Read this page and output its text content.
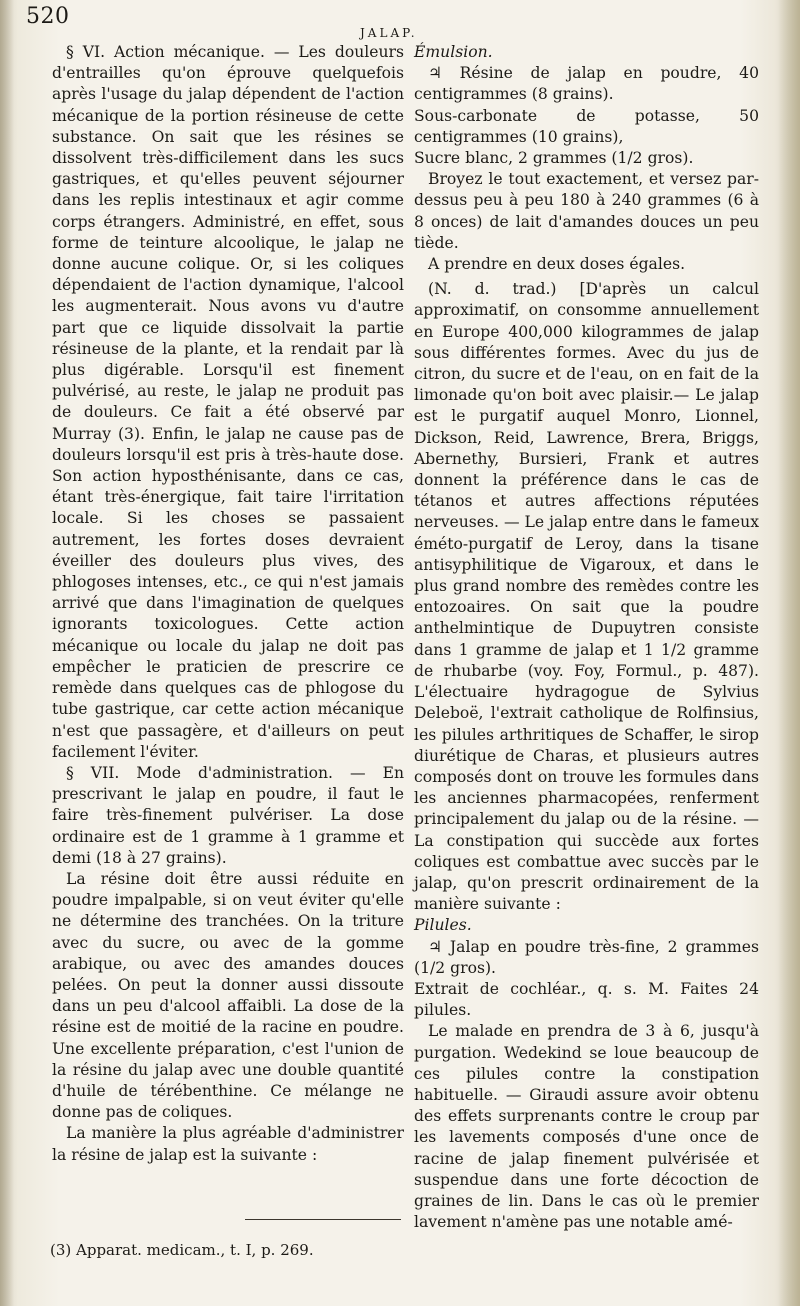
520
JALAP.

§ VI. Action mécanique. — Les douleurs d'entrailles qu'on éprouve quelquefois après l'usage du jalap dépendent de l'action mécanique de la portion résineuse de cette substance. On sait que les résines se dissolvent très-difficilement dans les sucs gastriques, et qu'elles peuvent séjourner dans les replis intestinaux et agir comme corps étrangers. Administré, en effet, sous forme de teinture alcoolique, le jalap ne donne aucune colique. Or, si les coliques dépendaient de l'action dynamique, l'alcool les augmenterait. Nous avons vu d'autre part que ce liquide dissolvait la partie résineuse de la plante, et la rendait par là plus digérable. Lorsqu'il est finement pulvérisé, au reste, le jalap ne produit pas de douleurs. Ce fait a été observé par Murray (3). Enfin, le jalap ne cause pas de douleurs lorsqu'il est pris à très-haute dose. Son action hyposthénisante, dans ce cas, étant très-énergique, fait taire l'irritation locale. Si les choses se passaient autrement, les fortes doses devraient éveiller des douleurs plus vives, des phlogoses intenses, etc., ce qui n'est jamais arrivé que dans l'imagination de quelques ignorants toxicologues. Cette action mécanique ou locale du jalap ne doit pas empêcher le praticien de prescrire ce remède dans quelques cas de phlogose du tube gastrique, car cette action mécanique n'est que passagère, et d'ailleurs on peut facilement l'éviter.

§ VII. Mode d'administration. — En prescrivant le jalap en poudre, il faut le faire très-finement pulvériser. La dose ordinaire est de 1 gramme à 1 gramme et demi (18 à 27 grains).

La résine doit être aussi réduite en poudre impalpable, si on veut éviter qu'elle ne détermine des tranchées. On la triture avec du sucre, ou avec de la gomme arabique, ou avec des amandes douces pelées. On peut la donner aussi dissoute dans un peu d'alcool affaibli. La dose de la résine est de moitié de la racine en poudre. Une excellente préparation, c'est l'union de la résine du jalap avec une double quantité d'huile de térébenthine. Ce mélange ne donne pas de coliques.

La manière la plus agréable d'administrer la résine de jalap est la suivante :

Émulsion.

♃ Résine de jalap en poudre, 40 centigrammes (8 grains).

Sous-carbonate de potasse, 50 centigrammes (10 grains),

Sucre blanc, 2 grammes (1/2 gros).

Broyez le tout exactement, et versez par-dessus peu à peu 180 à 240 grammes (6 à 8 onces) de lait d'amandes douces un peu tiède.

A prendre en deux doses égales.

(N. d. trad.) [D'après un calcul approximatif, on consomme annuellement en Europe 400,000 kilogrammes de jalap sous différentes formes. Avec du jus de citron, du sucre et de l'eau, on en fait de la limonade qu'on boit avec plaisir.— Le jalap est le purgatif auquel Monro, Lionnel, Dickson, Reid, Lawrence, Brera, Briggs, Abernethy, Bursieri, Frank et autres donnent la préférence dans le cas de tétanos et autres affections réputées nerveuses. — Le jalap entre dans le fameux éméto-purgatif de Leroy, dans la tisane antisyphilitique de Vigaroux, et dans le plus grand nombre des remèdes contre les entozoaires. On sait que la poudre anthelmintique de Dupuytren consiste dans 1 gramme de jalap et 1 1/2 gramme de rhubarbe (voy. Foy, Formul., p. 487). L'électuaire hydragogue de Sylvius Deleboë, l'extrait catholique de Rolfinsius, les pilules arthritiques de Schaffer, le sirop diurétique de Charas, et plusieurs autres composés dont on trouve les formules dans les anciennes pharmacopées, renferment principalement du jalap ou de la résine. — La constipation qui succède aux fortes coliques est combattue avec succès par le jalap, qu'on prescrit ordinairement de la manière suivante :

Pilules.

♃ Jalap en poudre très-fine, 2 grammes (1/2 gros).

Extrait de cochléar., q. s. M. Faites 24 pilules.

Le malade en prendra de 3 à 6, jusqu'à purgation. Wedekind se loue beaucoup de ces pilules contre la constipation habituelle. — Giraudi assure avoir obtenu des effets surprenants contre le croup par les lavements composés d'une once de racine de jalap finement pulvérisée et suspendue dans une forte décoction de graines de lin. Dans le cas où le premier lavement n'amène pas une notable amé-

(3) Apparat. medicam., t. I, p. 269.
